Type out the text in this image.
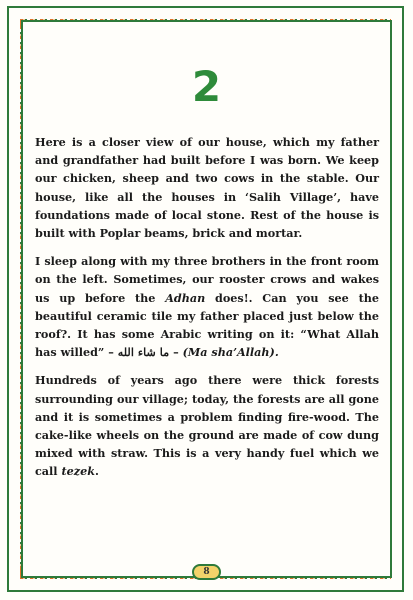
2

Here is a closer view of our house, which my father and grandfather had built before I was born. We keep our chicken, sheep and two cows in the stable. Our house, like all the houses in ‘Salih Village’, have foundations made of local stone. Rest of the house is built with Poplar beams, brick and mortar.

I sleep along with my three brothers in the front room on the left. Sometimes, our rooster crows and wakes us up before the Adhan does!. Can you see the beautiful ceramic tile my father placed just below the roof?. It has some Arabic writing on it: “What Allah has willed” – ما شاء الله – (Ma sha’Allah).

Hundreds of years ago there were thick forests surrounding our village; today, the forests are all gone and it is sometimes a problem finding fire-wood. The cake-like wheels on the ground are made of cow dung mixed with straw. This is a very handy fuel which we call tezek.

8
